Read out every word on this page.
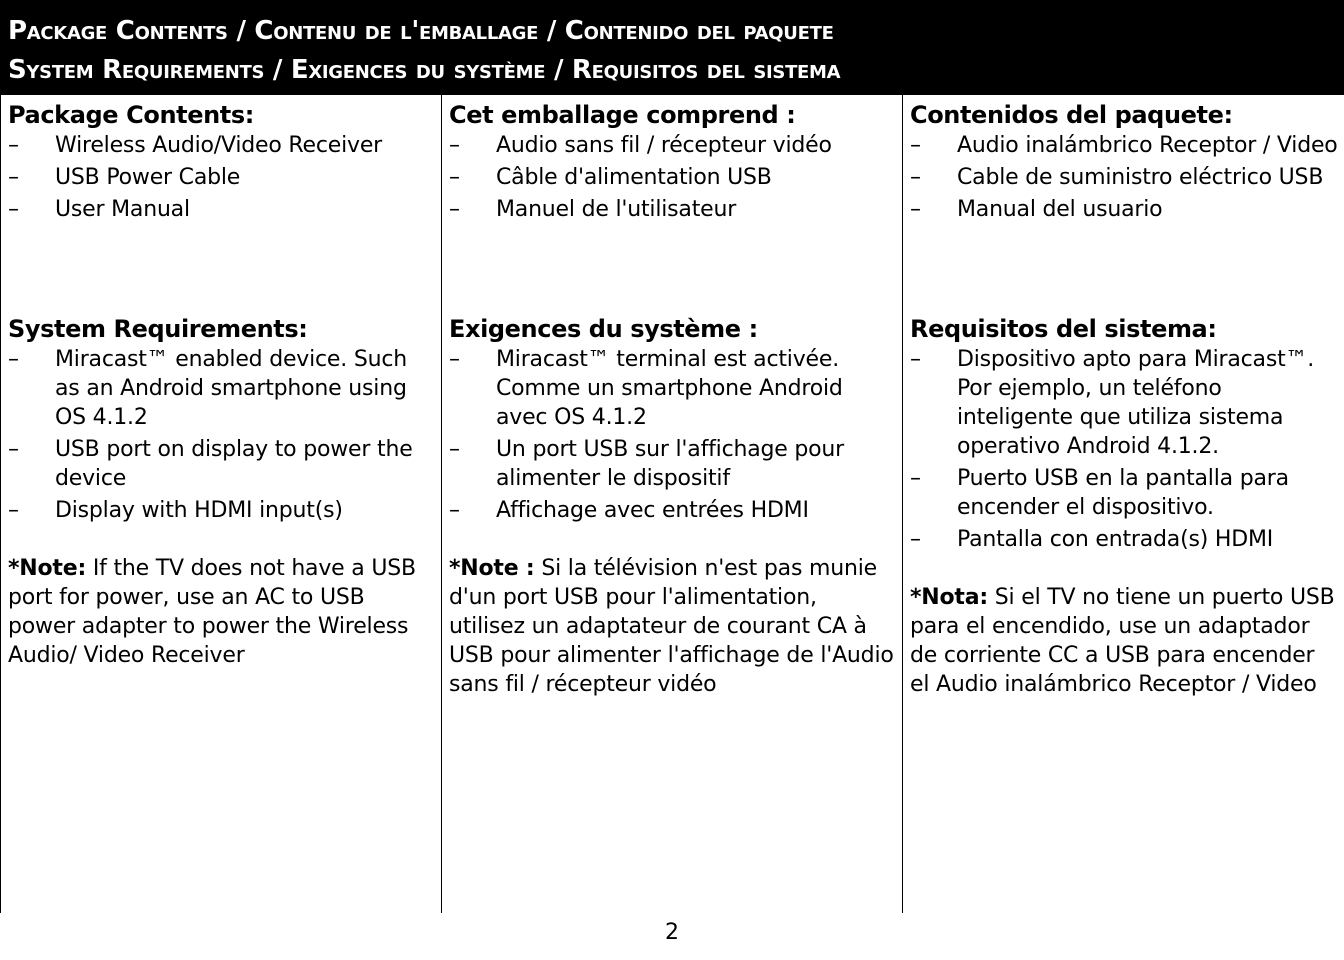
Package Contents / Contenu de l'emballage / Contenido del paquete
System Requirements / Exigences du système / Requisitos del sistema
Package Contents:
– Wireless Audio/Video Receiver
– USB Power Cable
– User Manual
System Requirements:
– Miracast™ enabled device. Such as an Android smartphone using OS 4.1.2
– USB port on display to power the device
– Display with HDMI input(s)

*Note: If the TV does not have a USB port for power, use an AC to USB power adapter to power the Wireless Audio/ Video Receiver

Cet emballage comprend :
– Audio sans fil / récepteur vidéo
– Câble d'alimentation USB
– Manuel de l'utilisateur
Exigences du système :
– Miracast™ terminal est activée. Comme un smartphone Android avec OS 4.1.2
– Un port USB sur l'affichage pour alimenter le dispositif
– Affichage avec entrées HDMI

*Note : Si la télévision n'est pas munie d'un port USB pour l'alimentation, utilisez un adaptateur de courant CA à USB pour alimenter l'affichage de l'Audio sans fil / récepteur vidéo

Contenidos del paquete:
– Audio inalámbrico Receptor / Video
– Cable de suministro eléctrico USB
– Manual del usuario
Requisitos del sistema:
– Dispositivo apto para Miracast™. Por ejemplo, un teléfono inteligente que utiliza sistema operativo Android 4.1.2.
– Puerto USB en la pantalla para encender el dispositivo.
– Pantalla con entrada(s) HDMI

*Nota: Si el TV no tiene un puerto USB para el encendido, use un adaptador de corriente CC a USB para encender el Audio inalámbrico Receptor / Video

2
